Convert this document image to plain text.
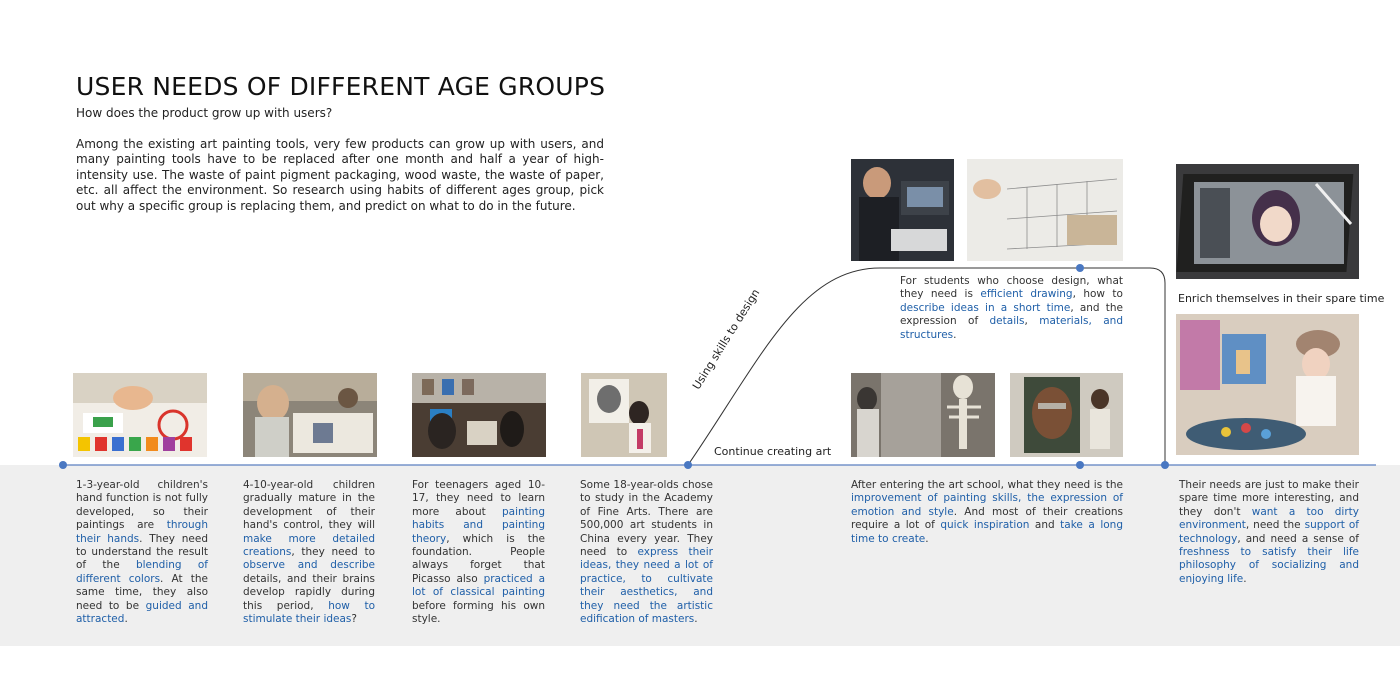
USER NEEDS OF DIFFERENT AGE GROUPS
How does the product grow up with users?
Among the existing art painting tools, very few products can grow up with users, and many painting tools have to be replaced after one month and half a year of high-intensity use. The waste of paint pigment packaging, wood waste, the waste of paper, etc. all affect the environment. So research using habits of different ages group, pick out why a specific group is replacing them, and predict on what to do in the future.
Using skills to design
Continue creating art
Enrich themselves in their spare time
1-3-year-old children's hand function is not fully developed, so their paintings are through their hands. They need to understand the result of the blending of different colors. At the same time, they also need to be guided and attracted.
4-10-year-old children gradually mature in the development of their hand's control, they will make more detailed creations, they need to observe and describe details, and their brains develop rapidly during this period, how to stimulate their ideas?
For teenagers aged 10-17, they need to learn more about painting habits and painting theory, which is the foundation. People always forget that Picasso also practiced a lot of classical painting before forming his own style.
Some 18-year-olds chose to study in the Academy of Fine Arts. There are 500,000 art students in China every year. They need to express their ideas, they need a lot of practice, to cultivate their aesthetics, and they need the artistic edification of masters.
For students who choose design, what they need is efficient drawing, how to describe ideas in a short time, and the expression of details, materials, and structures.
After entering the art school, what they need is the improvement of painting skills, the expression of emotion and style. And most of their creations require a lot of quick inspiration and take a long time to create.
Their needs are just to make their spare time more interesting, and they don't want a too dirty environment, need the support of technology, and need a sense of freshness to satisfy their life philosophy of socializing and enjoying life.
